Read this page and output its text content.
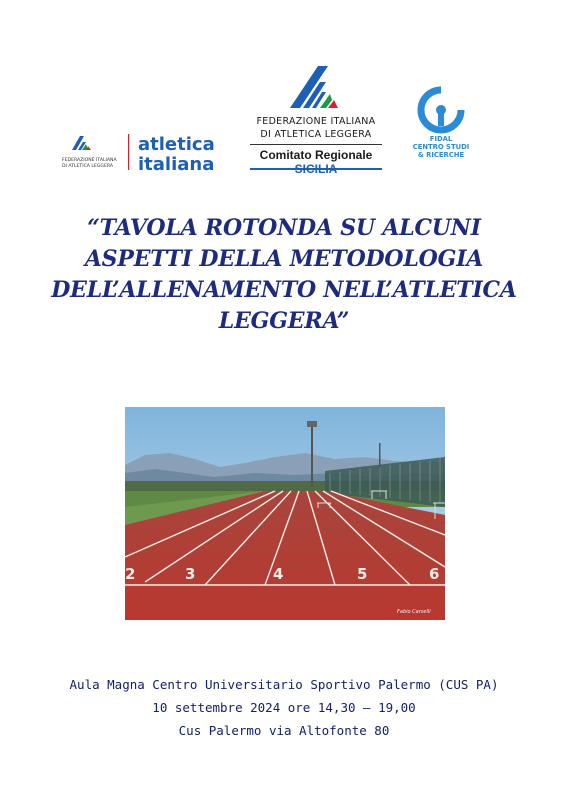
FEDERAZIONE ITALIANA
DI ATLETICA LEGGERA
atletica
italiana
FEDERAZIONE ITALIANA
DI ATLETICA LEGGERA
Comitato Regionale
FIDAL
CENTRO STUDI
& RICERCHE
“TAVOLA ROTONDA SU ALCUNI
ASPETTI DELLA METODOLOGIA
DELL’ALLENAMENTO NELL’ATLETICA
LEGGERA”
2	3	4	5	6
Fabio Carselli
Aula Magna Centro Universitario Sportivo Palermo (CUS PA)
10 settembre 2024 ore 14,30 – 19,00
Cus Palermo via Altofonte 80
